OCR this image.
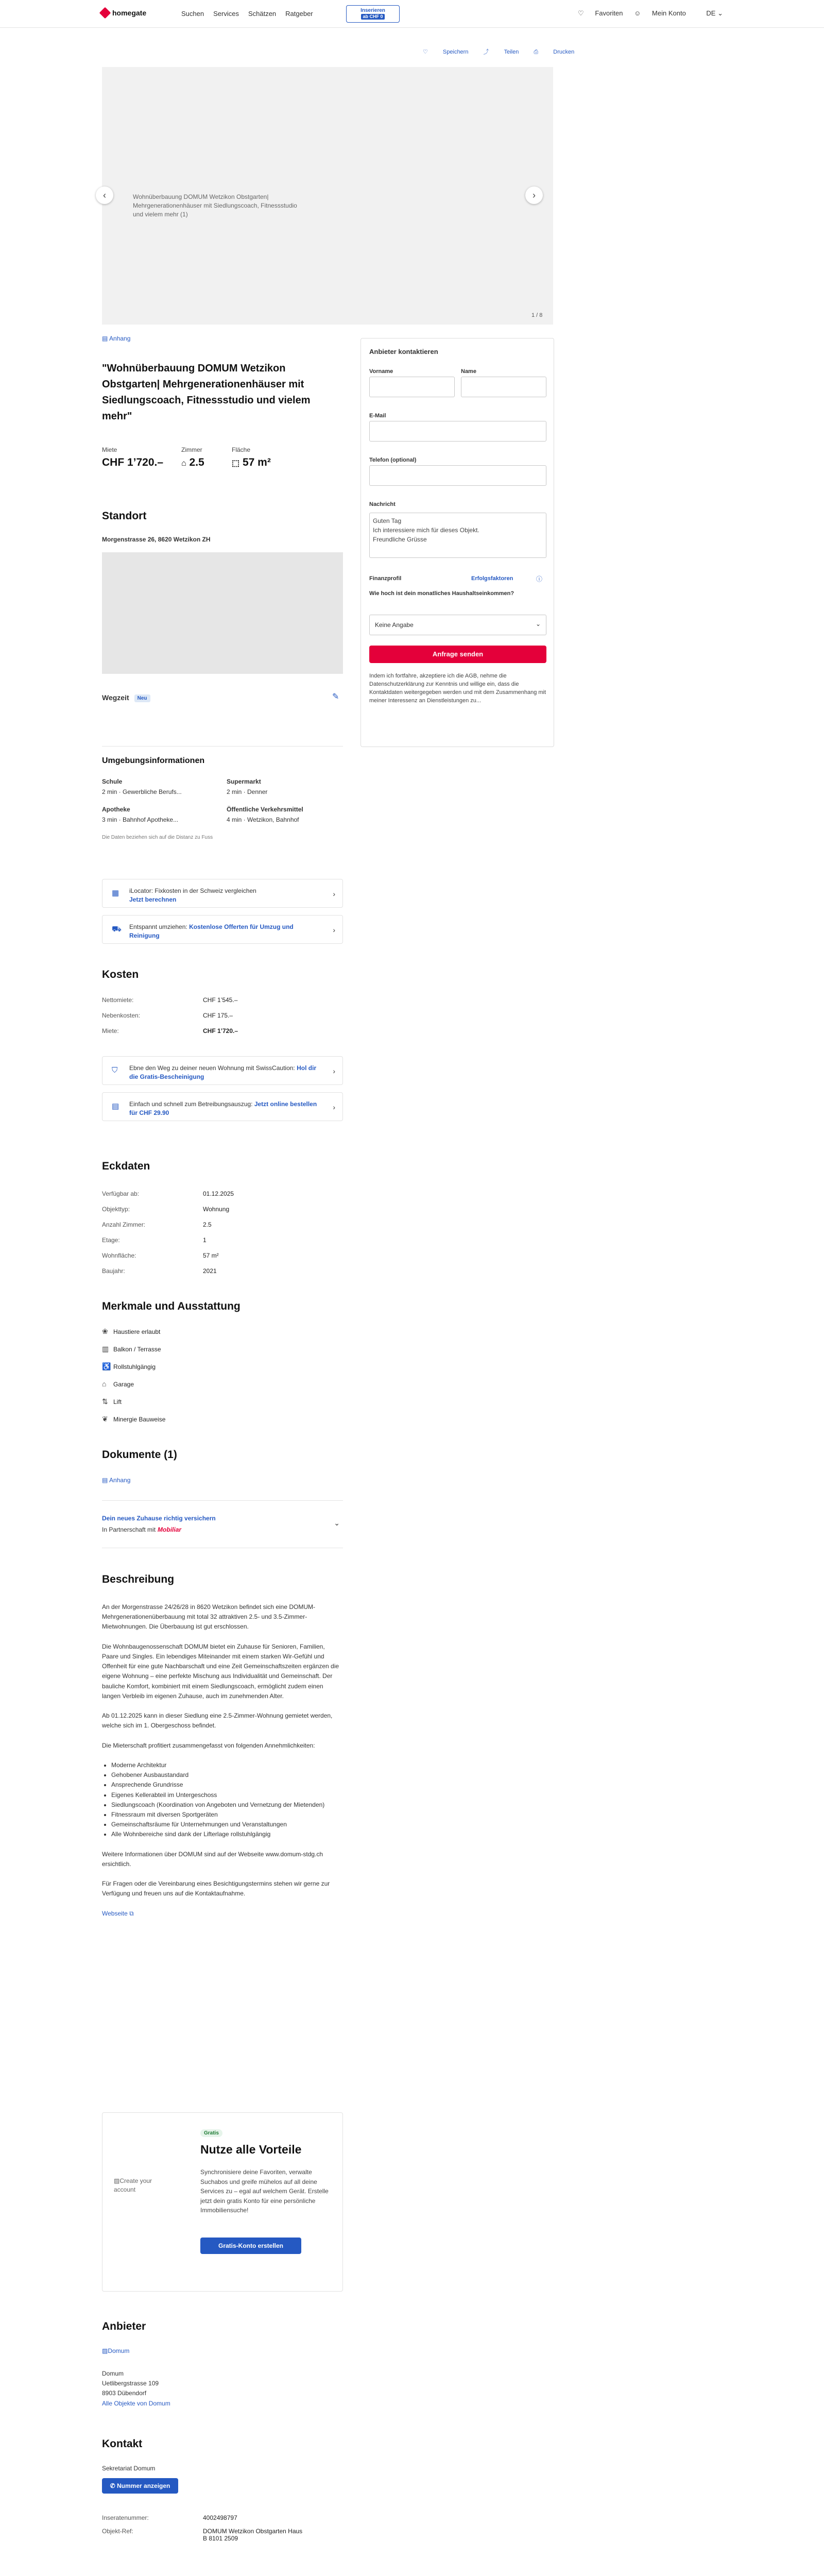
homegate	Suchen Services Schätzen Ratgeber	Inserieren
ab CHF 0	♡ Favoriten ☺ Mein Konto	DE ⌄
♡ Speichern	⤴ Teilen	⎙ Drucken
Wohnüberbauung DOMUM Wetzikon Obstgarten| Mehrgenerationenhäuser mit Siedlungscoach, Fitnessstudio und vielem mehr (1)
‹	›
1 / 8
▤ Anhang
"Wohnüberbauung DOMUM Wetzikon Obstgarten| Mehrgenerationenhäuser mit Siedlungscoach, Fitnessstudio und vielem mehr"
Miete
CHF 1’720.–
Zimmer
⌂ 2.5
Fläche
⬚ 57 m²
Standort
Morgenstrasse 26, 8620 Wetzikon ZH
Wegzeit Neu	✎
Umgebungsinformationen
Schule
2 min · Gewerbliche Berufs...
Supermarkt
2 min · Denner
Apotheke
3 min · Bahnhof Apotheke...
Öffentliche Verkehrsmittel
4 min · Wetzikon, Bahnhof
Die Daten beziehen sich auf die Distanz zu Fuss
▦	iLocator: Fixkosten in der Schweiz vergleichen
Jetzt berechnen
›
⛟ Entspannt umziehen: Kostenlose Offerten für Umzug und Reinigung
›
Kosten
Nettomiete:	CHF 1’545.–
Nebenkosten:	CHF 175.–
Miete:	CHF 1’720.–
⛉	Ebne den Weg zu deiner neuen Wohnung mit SwissCaution: Hol dir die Gratis-Bescheinigung
›
▤	Einfach und schnell zum Betreibungsauszug: Jetzt online bestellen für CHF 29.90
›
Eckdaten
Verfügbar ab:	01.12.2025
Objekttyp:	Wohnung
Anzahl Zimmer:	2.5
Etage:	1
Wohnfläche:	57 m²
Baujahr:	2021
Merkmale und Ausstattung
❀ Haustiere erlaubt
▥ Balkon / Terrasse
♿ Rollstuhlgängig
⌂ Garage
⇅ Lift
❦ Minergie Bauweise
Dokumente (1)
▤ Anhang
Dein neues Zuhause richtig versichern
In Partnerschaft mit Mobiliar
⌄
Beschreibung

An der Morgenstrasse 24/26/28 in 8620 Wetzikon befindet sich eine DOMUM-Mehrgenerationenüberbauung mit total 32 attraktiven 2.5- und 3.5-Zimmer-Mietwohnungen. Die Überbauung ist gut erschlossen.

Die Wohnbaugenossenschaft DOMUM bietet ein Zuhause für Senioren, Familien, Paare und Singles. Ein lebendiges Miteinander mit einem starken Wir-Gefühl und Offenheit für eine gute Nachbarschaft und eine Zeit Gemeinschaftszeiten ergänzen die eigene Wohnung – eine perfekte Mischung aus Individualität und Gemeinschaft. Der bauliche Komfort, kombiniert mit einem Siedlungscoach, ermöglicht zudem einen langen Verbleib im eigenen Zuhause, auch im zunehmenden Alter.

Ab 01.12.2025 kann in dieser Siedlung eine 2.5-Zimmer-Wohnung gemietet werden, welche sich im 1. Obergeschoss befindet.

Die Mieterschaft profitiert zusammengefasst von folgenden Annehmlichkeiten:

• Moderne Architektur
• Gehobener Ausbaustandard
• Ansprechende Grundrisse
• Eigenes Kellerabteil im Untergeschoss
• Siedlungscoach (Koordination von Angeboten und Vernetzung der Mietenden)
• Fitnessraum mit diversen Sportgeräten
• Gemeinschaftsräume für Unternehmungen und Veranstaltungen
• Alle Wohnbereiche sind dank der Lifterlage rollstuhlgängig

Weitere Informationen über DOMUM sind auf der Webseite www.domum-stdg.ch ersichtlich.

Für Fragen oder die Vereinbarung eines Besichtigungstermins stehen wir gerne zur Verfügung und freuen uns auf die Kontaktaufnahme.

Webseite ⧉
▨Create your account
Gratis
Nutze alle Vorteile
Synchronisiere deine Favoriten, verwalte Suchabos und greife mühelos auf all deine Services zu – egal auf welchem Gerät. Erstelle jetzt dein gratis Konto für eine persönliche Immobiliensuche!
Gratis-Konto erstellen
Anbieter
▨Domum
Domum
Uetlibergstrasse 109
8903 Dübendorf
Alle Objekte von Domum
Kontakt
Sekretariat Domum
✆ Nummer anzeigen
Inseratenummer:	4002498797
Objekt-Ref:	DOMUM Wetzikon Obstgarten Haus B 8101 2509
Anbieter kontaktieren
Vorname	Name
E-Mail
Telefon (optional)
Nachricht
Guten Tag Ich interessiere mich für dieses Objekt. Freundliche Grüsse
Finanzprofil	Erfolgsfaktoren	ⓘ
Wie hoch ist dein monatliches Haushaltseinkommen?
Keine Angabe	⌄
Anfrage senden
Indem ich fortfahre, akzeptiere ich die AGB, nehme die Datenschutzerklärung zur Kenntnis und willige ein, dass die Kontaktdaten weitergegeben werden und mit dem Zusammenhang mit meiner Interessenz an Dienstleistungen zu...
